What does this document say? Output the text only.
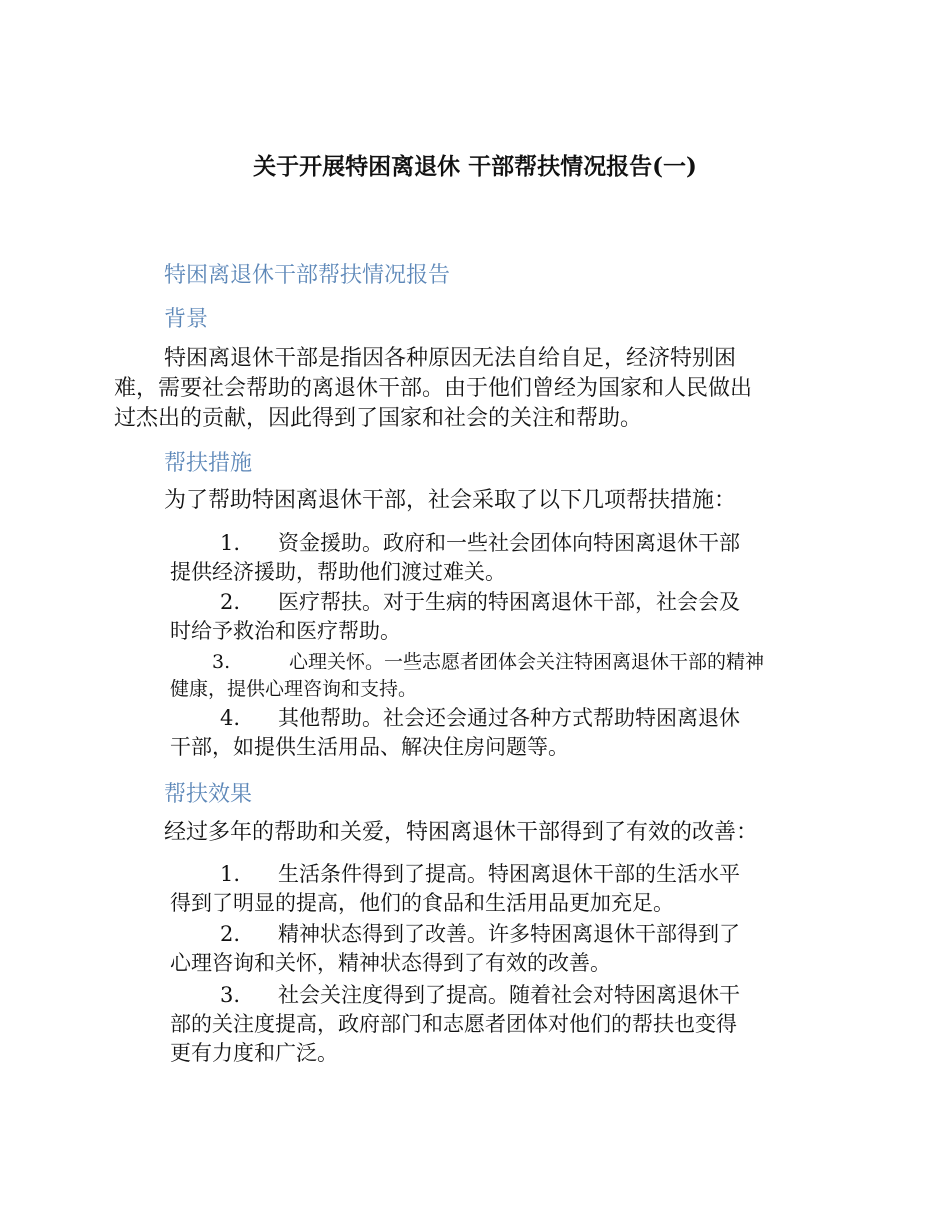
关于开展特困离退休 干部帮扶情况报告(一)
特困离退休干部帮扶情况报告
背景
特困离退休干部是指因各种原因无法自给自足，经济特别困
难，需要社会帮助的离退休干部。由于他们曾经为国家和人民做出
过杰出的贡献，因此得到了国家和社会的关注和帮助。
帮扶措施
为了帮助特困离退休干部，社会采取了以下几项帮扶措施：
1. 资金援助。政府和一些社会团体向特困离退休干部
提供经济援助，帮助他们渡过难关。
2. 医疗帮扶。对于生病的特困离退休干部，社会会及
时给予救治和医疗帮助。
3.	心理关怀。一些志愿者团体会关注特困离退休干部的精神
健康，提供心理咨询和支持。
4. 其他帮助。社会还会通过各种方式帮助特困离退休
干部，如提供生活用品、解决住房问题等。
帮扶效果
经过多年的帮助和关爱，特困离退休干部得到了有效的改善：
1. 生活条件得到了提高。特困离退休干部的生活水平
得到了明显的提高，他们的食品和生活用品更加充足。
2. 精神状态得到了改善。许多特困离退休干部得到了
心理咨询和关怀，精神状态得到了有效的改善。
3. 社会关注度得到了提高。随着社会对特困离退休干
部的关注度提高，政府部门和志愿者团体对他们的帮扶也变得
更有力度和广泛。
